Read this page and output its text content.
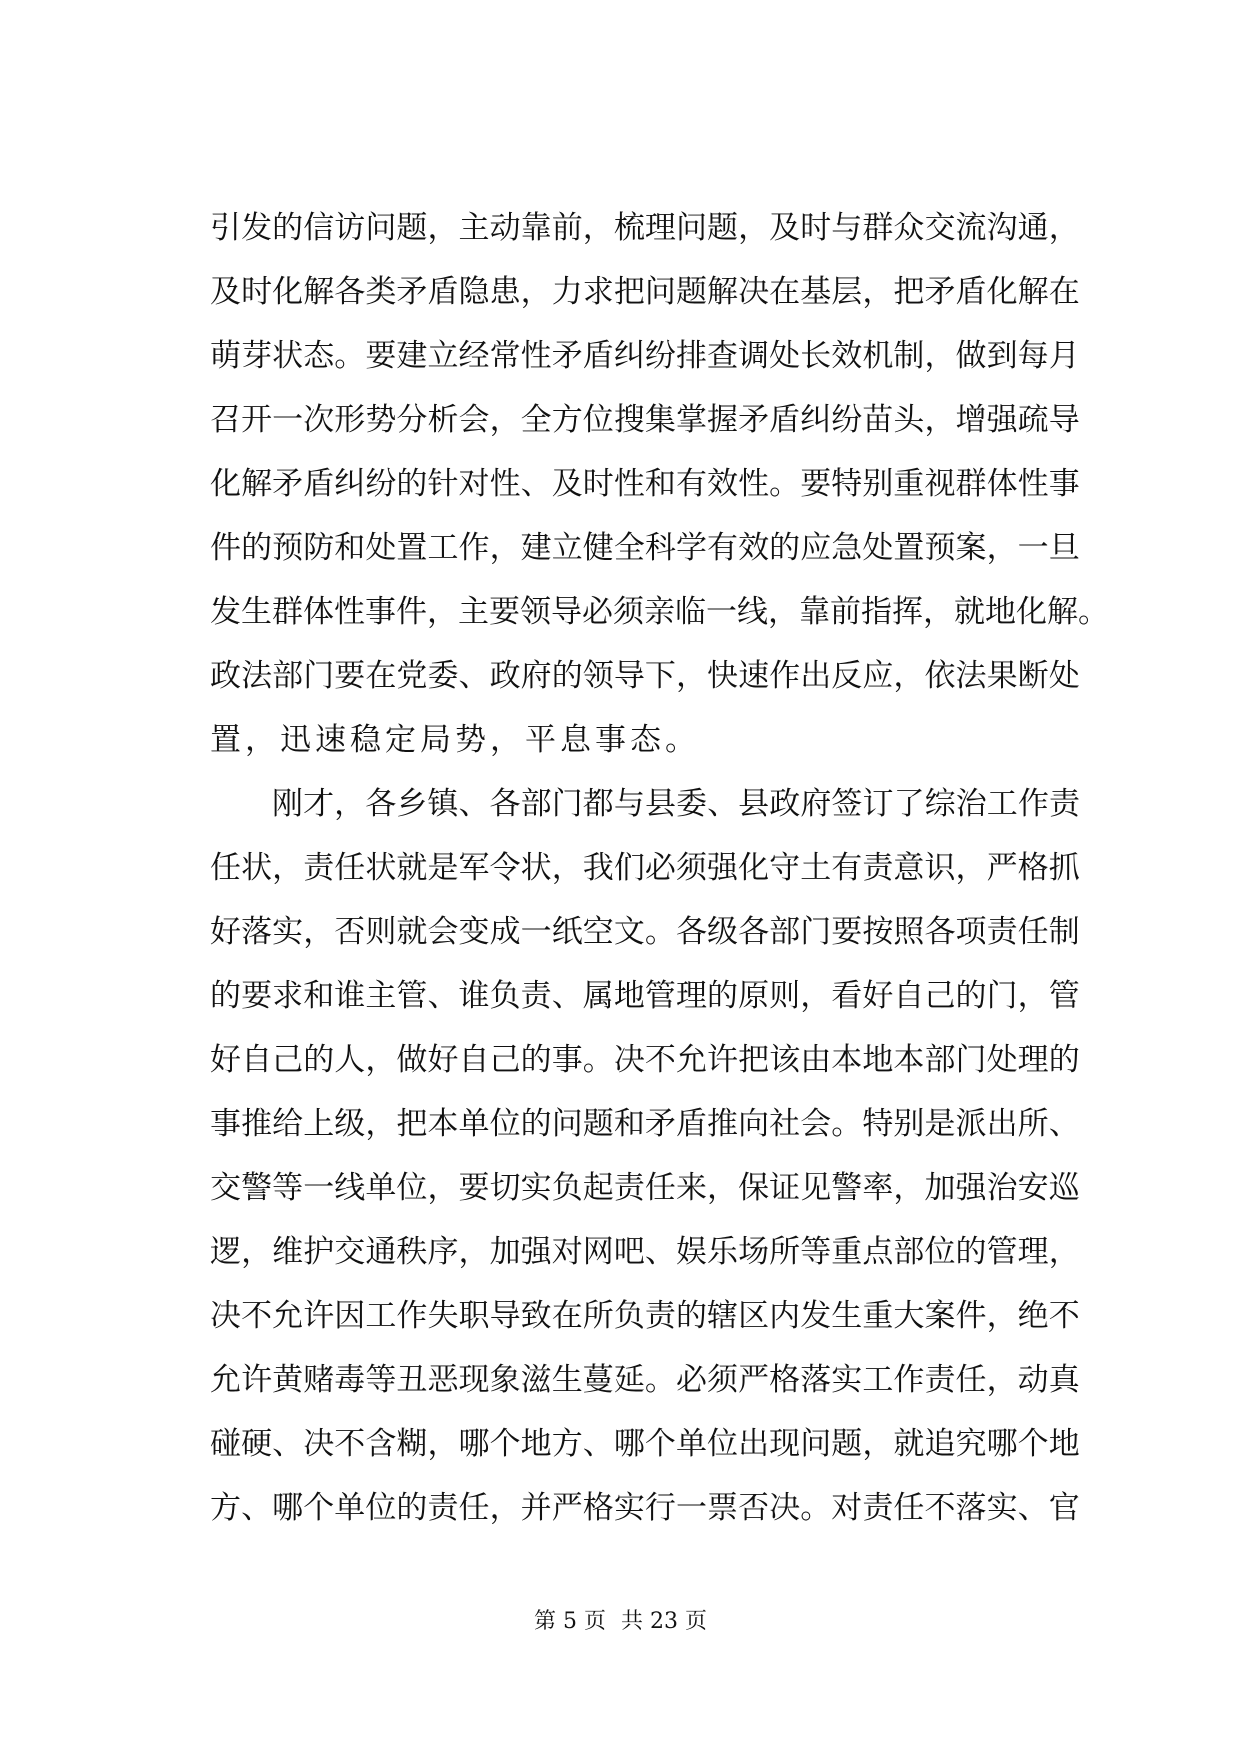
引 发 的 信 访 问 题 ， 主 动 靠 前 ， 梳 理 问 题 ， 及 时 与 群 众 交 流 沟 通 ，
及 时 化 解 各 类 矛 盾 隐 患 ， 力 求 把 问 题 解 决 在 基 层 ， 把 矛 盾 化 解 在
萌 芽 状 态 。 要 建 立 经 常 性 矛 盾 纠 纷 排 查 调 处 长 效 机 制 ， 做 到 每 月
召 开 一 次 形 势 分 析 会 ， 全 方 位 搜 集 掌 握 矛 盾 纠 纷 苗 头 ， 增 强 疏 导
化 解 矛 盾 纠 纷 的 针 对 性 、 及 时 性 和 有 效 性 。 要 特 别 重 视 群 体 性 事
件 的 预 防 和 处 置 工 作 ， 建 立 健 全 科 学 有 效 的 应 急 处 置 预 案 ， 一 旦
发 生 群 体 性 事 件 ， 主 要 领 导 必 须 亲 临 一 线 ， 靠 前 指 挥 ， 就 地 化 解 。
政 法 部 门 要 在 党 委 、 政 府 的 领 导 下 ， 快 速 作 出 反 应 ， 依 法 果 断 处
置，迅速稳定局势，平息事态。
刚 才 ， 各 乡 镇 、 各 部 门 都 与 县 委 、 县 政 府 签 订 了 综 治 工 作 责
任 状 ， 责 任 状 就 是 军 令 状 ， 我 们 必 须 强 化 守 土 有 责 意 识 ， 严 格 抓
好 落 实 ， 否 则 就 会 变 成 一 纸 空 文 。 各 级 各 部 门 要 按 照 各 项 责 任 制
的 要 求 和 谁 主 管 、 谁 负 责 、 属 地 管 理 的 原 则 ， 看 好 自 己 的 门 ， 管
好 自 己 的 人 ， 做 好 自 己 的 事 。 决 不 允 许 把 该 由 本 地 本 部 门 处 理 的
事 推 给 上 级 ， 把 本 单 位 的 问 题 和 矛 盾 推 向 社 会 。 特 别 是 派 出 所 、
交 警 等 一 线 单 位 ， 要 切 实 负 起 责 任 来 ， 保 证 见 警 率 ， 加 强 治 安 巡
逻 ， 维 护 交 通 秩 序 ， 加 强 对 网 吧 、 娱 乐 场 所 等 重 点 部 位 的 管 理 ，
决 不 允 许 因 工 作 失 职 导 致 在 所 负 责 的 辖 区 内 发 生 重 大 案 件 ， 绝 不
允 许 黄 赌 毒 等 丑 恶 现 象 滋 生 蔓 延 。 必 须 严 格 落 实 工 作 责 任 ， 动 真
碰 硬 、 决 不 含 糊 ， 哪 个 地 方 、 哪 个 单 位 出 现 问 题 ， 就 追 究 哪 个 地
方 、 哪 个 单 位 的 责 任 ， 并 严 格 实 行 一 票 否 决 。 对 责 任 不 落 实 、 官
第 5 页 共 23 页
